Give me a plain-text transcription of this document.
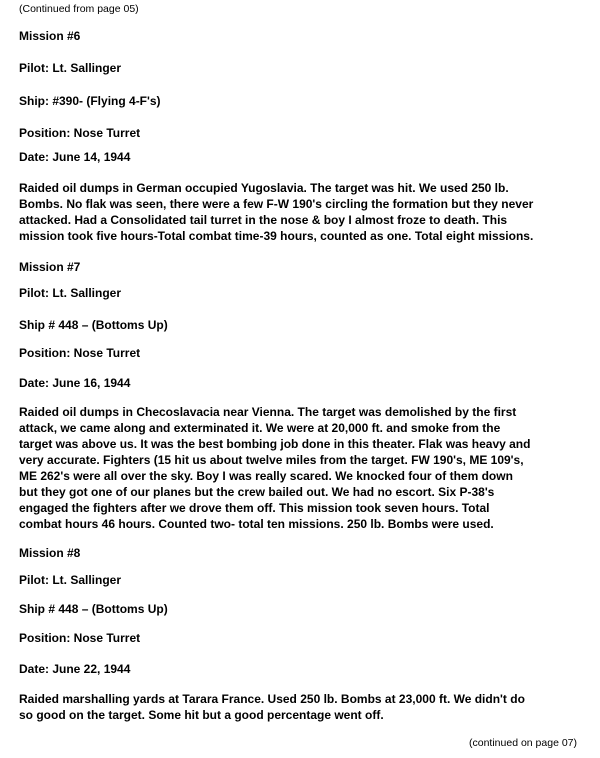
(Continued from page 05)
Mission #6
Pilot: Lt. Sallinger
Ship: #390- (Flying 4-F's)
Position: Nose Turret
Date: June 14, 1944
Raided oil dumps in German occupied Yugoslavia. The target was hit. We used 250 lb.
Bombs. No flak was seen, there were a few F-W 190's circling the formation but they never
attacked. Had a Consolidated tail turret in the nose & boy I almost froze to death. This
mission took five hours-Total combat time-39 hours, counted as one. Total eight missions.
Mission #7
Pilot: Lt. Sallinger
Ship # 448 – (Bottoms Up)
Position: Nose Turret
Date: June 16, 1944
Raided oil dumps in Checoslavacia near Vienna. The target was demolished by the first
attack, we came along and exterminated it. We were at 20,000 ft. and smoke from the
target was above us. It was the best bombing job done in this theater. Flak was heavy and
very accurate. Fighters (15 hit us about twelve miles from the target. FW 190's, ME 109's,
ME 262's were all over the sky. Boy I was really scared. We knocked four of them down
but they got one of our planes but the crew bailed out. We had no escort. Six P-38's
engaged the fighters after we drove them off. This mission took seven hours. Total
combat hours 46 hours. Counted two- total ten missions. 250 lb. Bombs were used.
Mission #8
Pilot: Lt. Sallinger
Ship # 448 – (Bottoms Up)
Position: Nose Turret
Date: June 22, 1944
Raided marshalling yards at Tarara France. Used 250 lb. Bombs at 23,000 ft. We didn't do
so good on the target. Some hit but a good percentage went off.
(continued on page 07)
